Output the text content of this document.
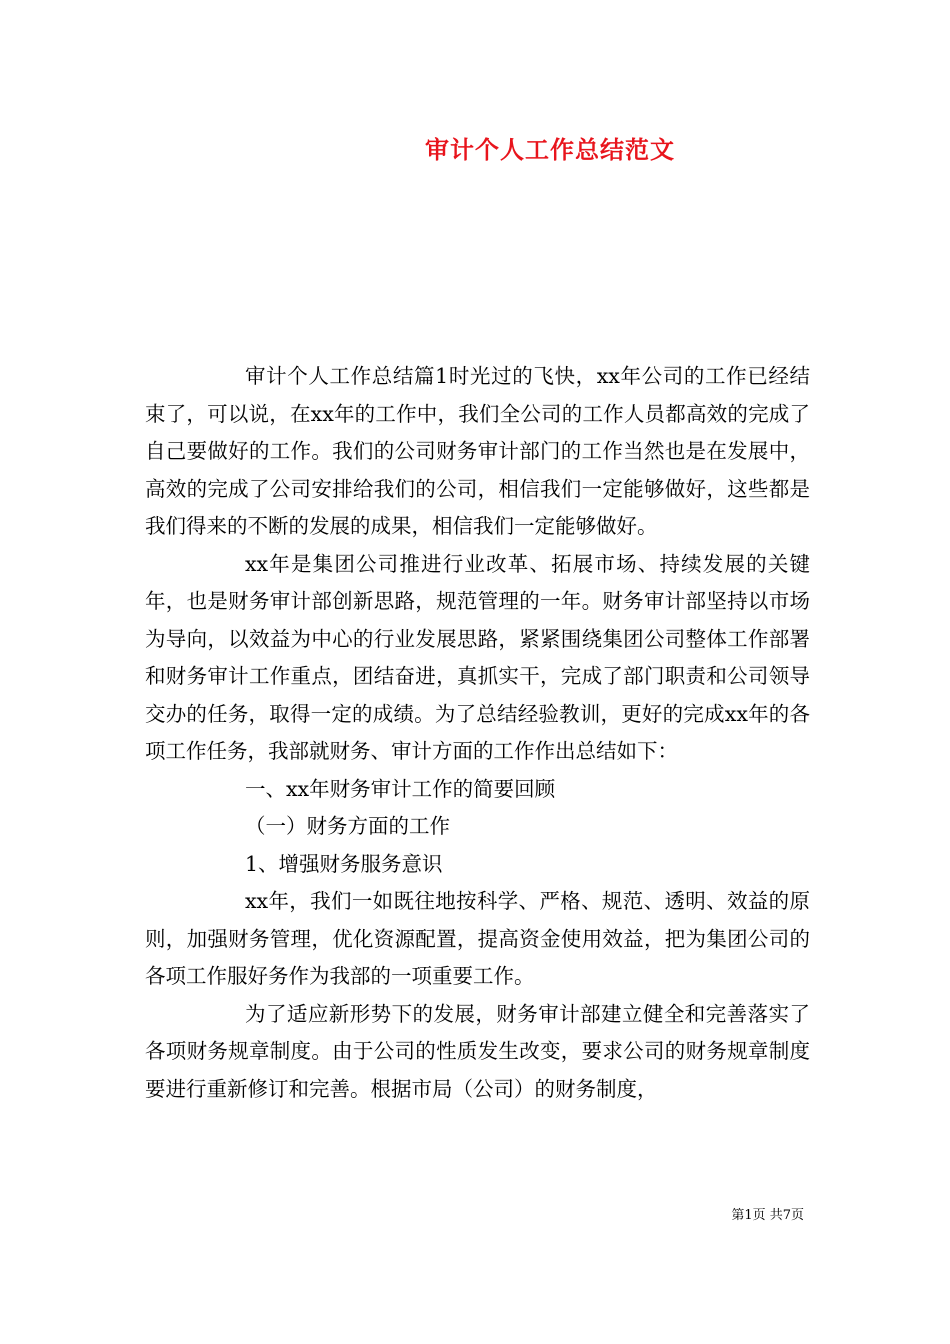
审计个人工作总结范文

审计个人工作总结篇1时光过的飞快，xx年公司的工作已经结束了，可以说，在xx年的工作中，我们全公司的工作人员都高效的完成了自己要做好的工作。我们的公司财务审计部门的工作当然也是在发展中，高效的完成了公司安排给我们的公司，相信我们一定能够做好，这些都是我们得来的不断的发展的成果，相信我们一定能够做好。

xx年是集团公司推进行业改革、拓展市场、持续发展的关键年，也是财务审计部创新思路，规范管理的一年。财务审计部坚持以市场为导向，以效益为中心的行业发展思路，紧紧围绕集团公司整体工作部署和财务审计工作重点，团结奋进，真抓实干，完成了部门职责和公司领导交办的任务，取得一定的成绩。为了总结经验教训，更好的完成xx年的各项工作任务，我部就财务、审计方面的工作作出总结如下：

一、xx年财务审计工作的简要回顾

（一）财务方面的工作

1、增强财务服务意识

xx年，我们一如既往地按科学、严格、规范、透明、效益的原则，加强财务管理，优化资源配置，提高资金使用效益，把为集团公司的各项工作服好务作为我部的一项重要工作。

为了适应新形势下的发展，财务审计部建立健全和完善落实了各项财务规章制度。由于公司的性质发生改变，要求公司的财务规章制度要进行重新修订和完善。根据市局（公司）的财务制度，

第1页 共7页
